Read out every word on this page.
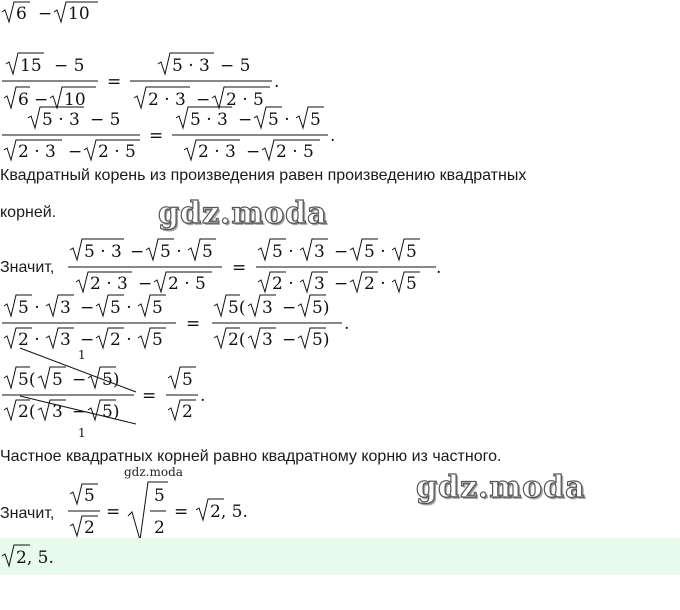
6 − 10
15 − 5
6 − 10
=
5 · 3 − 5
2 · 3 − 2 · 5
.
5 · 3 − 5
2 · 3 − 2 · 5
=
5 · 3 − 5 · 5
2 · 3 − 2 · 5
.
Квадратный корень из произведения равен произведению квадратных
корней.
Значит,
5 · 3 − 5 · 5
2 · 3 − 2 · 5
=
5 · 3 − 5 · 5
2 · 3 − 2 · 5
.
5 · 3 − 5 · 5
2 · 3 − 2 · 5
=
5( 3 − 5)
2( 3 − 5)
.
1
5( 5 − 5)
2( 3 − 5)
1
=
5
2
.
Частное квадратных корней равно квадратному корню из частного.
Значит,
5
2
=
5
2
= 2, 5.
2, 5.
gdz.moda
gdz.moda
gdz.moda
